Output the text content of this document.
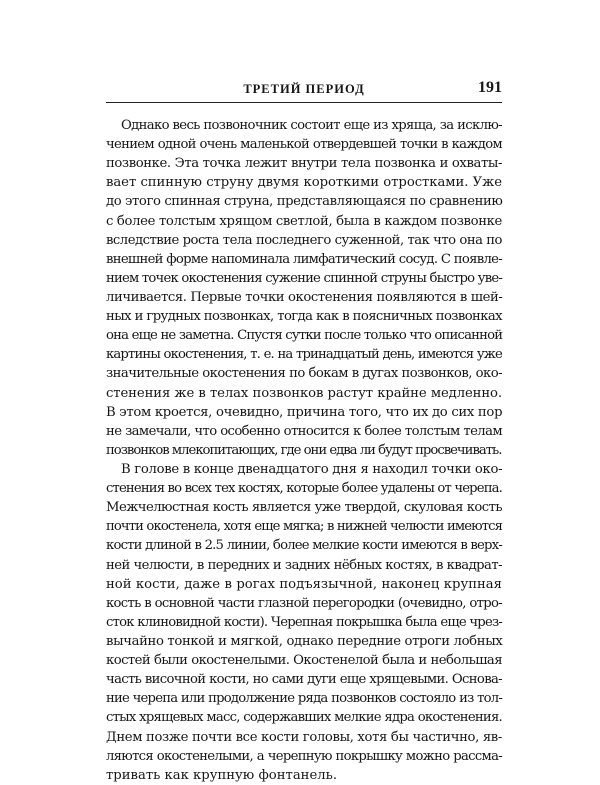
ТРЕТИЙ ПЕРИОД	191
Однако весь позвоночник состоит еще из хряща, за исклю-
чением одной очень маленькой отвердевшей точки в каждом
позвонке. Эта точка лежит внутри тела позвонка и охваты-
вает спинную струну двумя короткими отростками. Уже
до этого спинная струна, представляющаяся по сравнению
с более толстым хрящом светлой, была в каждом позвонке
вследствие роста тела последнего суженной, так что она по
внешней форме напоминала лимфатический сосуд. С появле-
нием точек окостенения сужение спинной струны быстро уве-
личивается. Первые точки окостенения появляются в шей-
ных и грудных позвонках, тогда как в поясничных позвонках
она еще не заметна. Спустя сутки после только что описанной
картины окостенения, т. е. на тринадцатый день, имеются уже
значительные окостенения по бокам в дугах позвонков, око-
стенения же в телах позвонков растут крайне медленно.
В этом кроется, очевидно, причина того, что их до сих пор
не замечали, что особенно относится к более толстым телам
позвонков млекопитающих, где они едва ли будут просвечивать.
В голове в конце двенадцатого дня я находил точки око-
стенения во всех тех костях, которые более удалены от черепа.
Межчелюстная кость является уже твердой, скуловая кость
почти окостенела, хотя еще мягка; в нижней челюсти имеются
кости длиной в 2.5 линии, более мелкие кости имеются в верх-
ней челюсти, в передних и задних нёбных костях, в квадрат-
ной кости, даже в рогах подъязычной, наконец крупная
кость в основной части глазной перегородки (очевидно, отро-
сток клиновидной кости). Черепная покрышка была еще чрез-
вычайно тонкой и мягкой, однако передние отроги лобных
костей были окостенелыми. Окостенелой была и небольшая
часть височной кости, но сами дуги еще хрящевыми. Основа-
ние черепа или продолжение ряда позвонков состояло из тол-
стых хрящевых масс, содержавших мелкие ядра окостенения.
Днем позже почти все кости головы, хотя бы частично, яв-
ляются окостенелыми, а черепную покрышку можно рассма-
тривать как крупную фонтанель.
